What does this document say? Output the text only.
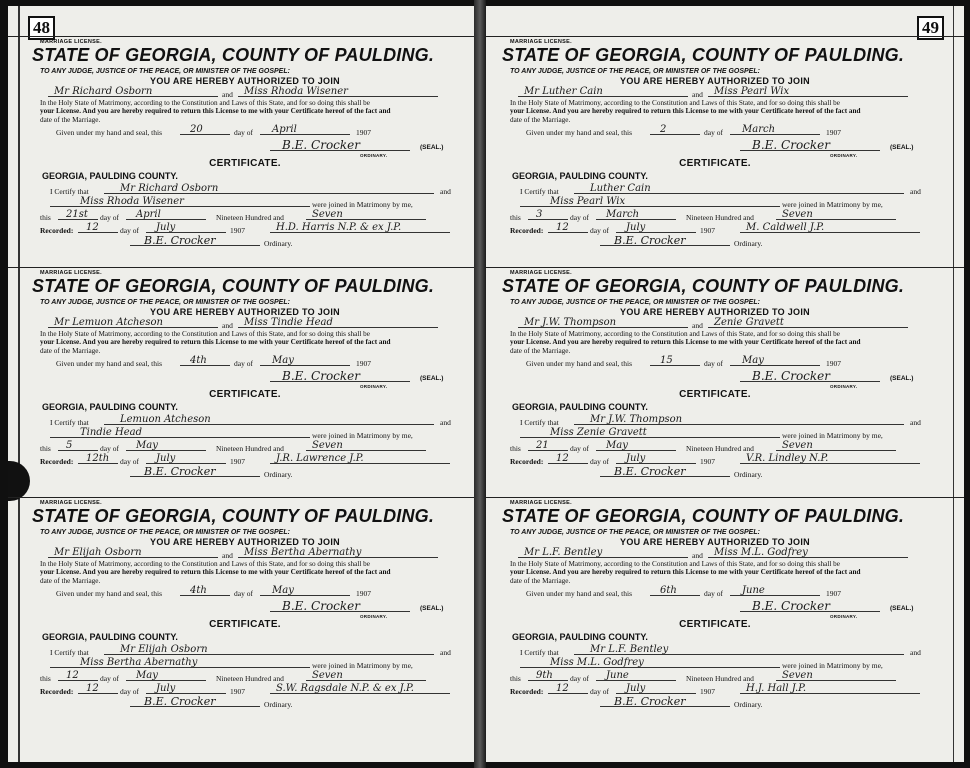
48
MARRIAGE LICENSE.
STATE OF GEORGIA, COUNTY OF PAULDING.
TO ANY JUDGE, JUSTICE OF THE PEACE, OR MINISTER OF THE GOSPEL:
YOU ARE HEREBY AUTHORIZED TO JOIN
Mr Richard Osborn	and Miss Rhoda Wisener
In the Holy State of Matrimony, according to the Constitution and Laws of this State, and for so doing this shall be
your License. And you are hereby required to return this License to me with your Certificate hereof of the fact and
date of the Marriage.
Given under my hand and seal, this	20	day of April	1907
B.E. Crocker	(SEAL.)
ORDINARY.
CERTIFICATE.
GEORGIA, PAULDING COUNTY.
I Certify that	Mr Richard Osborn	and
Miss Rhoda Wisener	were joined in Matrimony by me,
this 21st day of April	Nineteen Hundred and	Seven
Recorded: 12	day of July	1907	H.D. Harris N.P. & ex J.P.
B.E. Crocker	Ordinary.
MARRIAGE LICENSE.
STATE OF GEORGIA, COUNTY OF PAULDING.
TO ANY JUDGE, JUSTICE OF THE PEACE, OR MINISTER OF THE GOSPEL:
YOU ARE HEREBY AUTHORIZED TO JOIN
Mr Lemuon Atcheson	and Miss Tindie Head
In the Holy State of Matrimony, according to the Constitution and Laws of this State, and for so doing this shall be
your License. And you are hereby required to return this License to me with your Certificate hereof of the fact and
date of the Marriage.
Given under my hand and seal, this	4th	day of May	1907
B.E. Crocker	(SEAL.)
ORDINARY.
CERTIFICATE.
GEORGIA, PAULDING COUNTY.
I Certify that	Lemuon Atcheson	and
Tindie Head	were joined in Matrimony by me,
this 5	day of May	Nineteen Hundred and	Seven
Recorded: 12th day of July	1907	J.R. Lawrence J.P.
B.E. Crocker	Ordinary.
MARRIAGE LICENSE.
STATE OF GEORGIA, COUNTY OF PAULDING.
TO ANY JUDGE, JUSTICE OF THE PEACE, OR MINISTER OF THE GOSPEL:
YOU ARE HEREBY AUTHORIZED TO JOIN
Mr Elijah Osborn	and Miss Bertha Abernathy
In the Holy State of Matrimony, according to the Constitution and Laws of this State, and for so doing this shall be
your License. And you are hereby required to return this License to me with your Certificate hereof of the fact and
date of the Marriage.
Given under my hand and seal, this	4th	day of May	1907
B.E. Crocker	(SEAL.)
ORDINARY.
CERTIFICATE.
GEORGIA, PAULDING COUNTY.
I Certify that	Mr Elijah Osborn	and
Miss Bertha Abernathy	were joined in Matrimony by me,
this 12	day of May	Nineteen Hundred and	Seven
Recorded: 12	day of July	1907	S.W. Ragsdale N.P. & ex J.P.
B.E. Crocker	Ordinary.
49
MARRIAGE LICENSE.
STATE OF GEORGIA, COUNTY OF PAULDING.
TO ANY JUDGE, JUSTICE OF THE PEACE, OR MINISTER OF THE GOSPEL:
YOU ARE HEREBY AUTHORIZED TO JOIN
Mr Luther Cain	and Miss Pearl Wix
In the Holy State of Matrimony, according to the Constitution and Laws of this State, and for so doing this shall be
your License. And you are hereby required to return this License to me with your Certificate hereof of the fact and
date of the Marriage.
Given under my hand and seal, this	2	day of March	1907
B.E. Crocker	(SEAL.)
ORDINARY.
CERTIFICATE.
GEORGIA, PAULDING COUNTY.
I Certify that	Luther Cain	and
Miss Pearl Wix	were joined in Matrimony by me,
this 3	day of March	Nineteen Hundred and	Seven
Recorded: 12	day of July	1907	M. Caldwell J.P.
B.E. Crocker	Ordinary.
MARRIAGE LICENSE.
STATE OF GEORGIA, COUNTY OF PAULDING.
TO ANY JUDGE, JUSTICE OF THE PEACE, OR MINISTER OF THE GOSPEL:
YOU ARE HEREBY AUTHORIZED TO JOIN
Mr J.W. Thompson	and Zenie Gravett
In the Holy State of Matrimony, according to the Constitution and Laws of this State, and for so doing this shall be
your License. And you are hereby required to return this License to me with your Certificate hereof of the fact and
date of the Marriage.
Given under my hand and seal, this	15	day of May	1907
B.E. Crocker	(SEAL.)
ORDINARY.
CERTIFICATE.
GEORGIA, PAULDING COUNTY.
I Certify that	Mr J.W. Thompson	and
Miss Zenie Gravett	were joined in Matrimony by me,
this 21	day of May	Nineteen Hundred and	Seven
Recorded: 12	day of July	1907	V.R. Lindley N.P.
B.E. Crocker	Ordinary.
MARRIAGE LICENSE.
STATE OF GEORGIA, COUNTY OF PAULDING.
TO ANY JUDGE, JUSTICE OF THE PEACE, OR MINISTER OF THE GOSPEL:
YOU ARE HEREBY AUTHORIZED TO JOIN
Mr L.F. Bentley	and Miss M.L. Godfrey
In the Holy State of Matrimony, according to the Constitution and Laws of this State, and for so doing this shall be
your License. And you are hereby required to return this License to me with your Certificate hereof of the fact and
date of the Marriage.
Given under my hand and seal, this	6th	day of June	1907
B.E. Crocker	(SEAL.)
ORDINARY.
CERTIFICATE.
GEORGIA, PAULDING COUNTY.
I Certify that	Mr L.F. Bentley	and
Miss M.L. Godfrey	were joined in Matrimony by me,
this 9th day of June	Nineteen Hundred and	Seven
Recorded: 12	day of July	1907	H.J. Hall J.P.
B.E. Crocker	Ordinary.
